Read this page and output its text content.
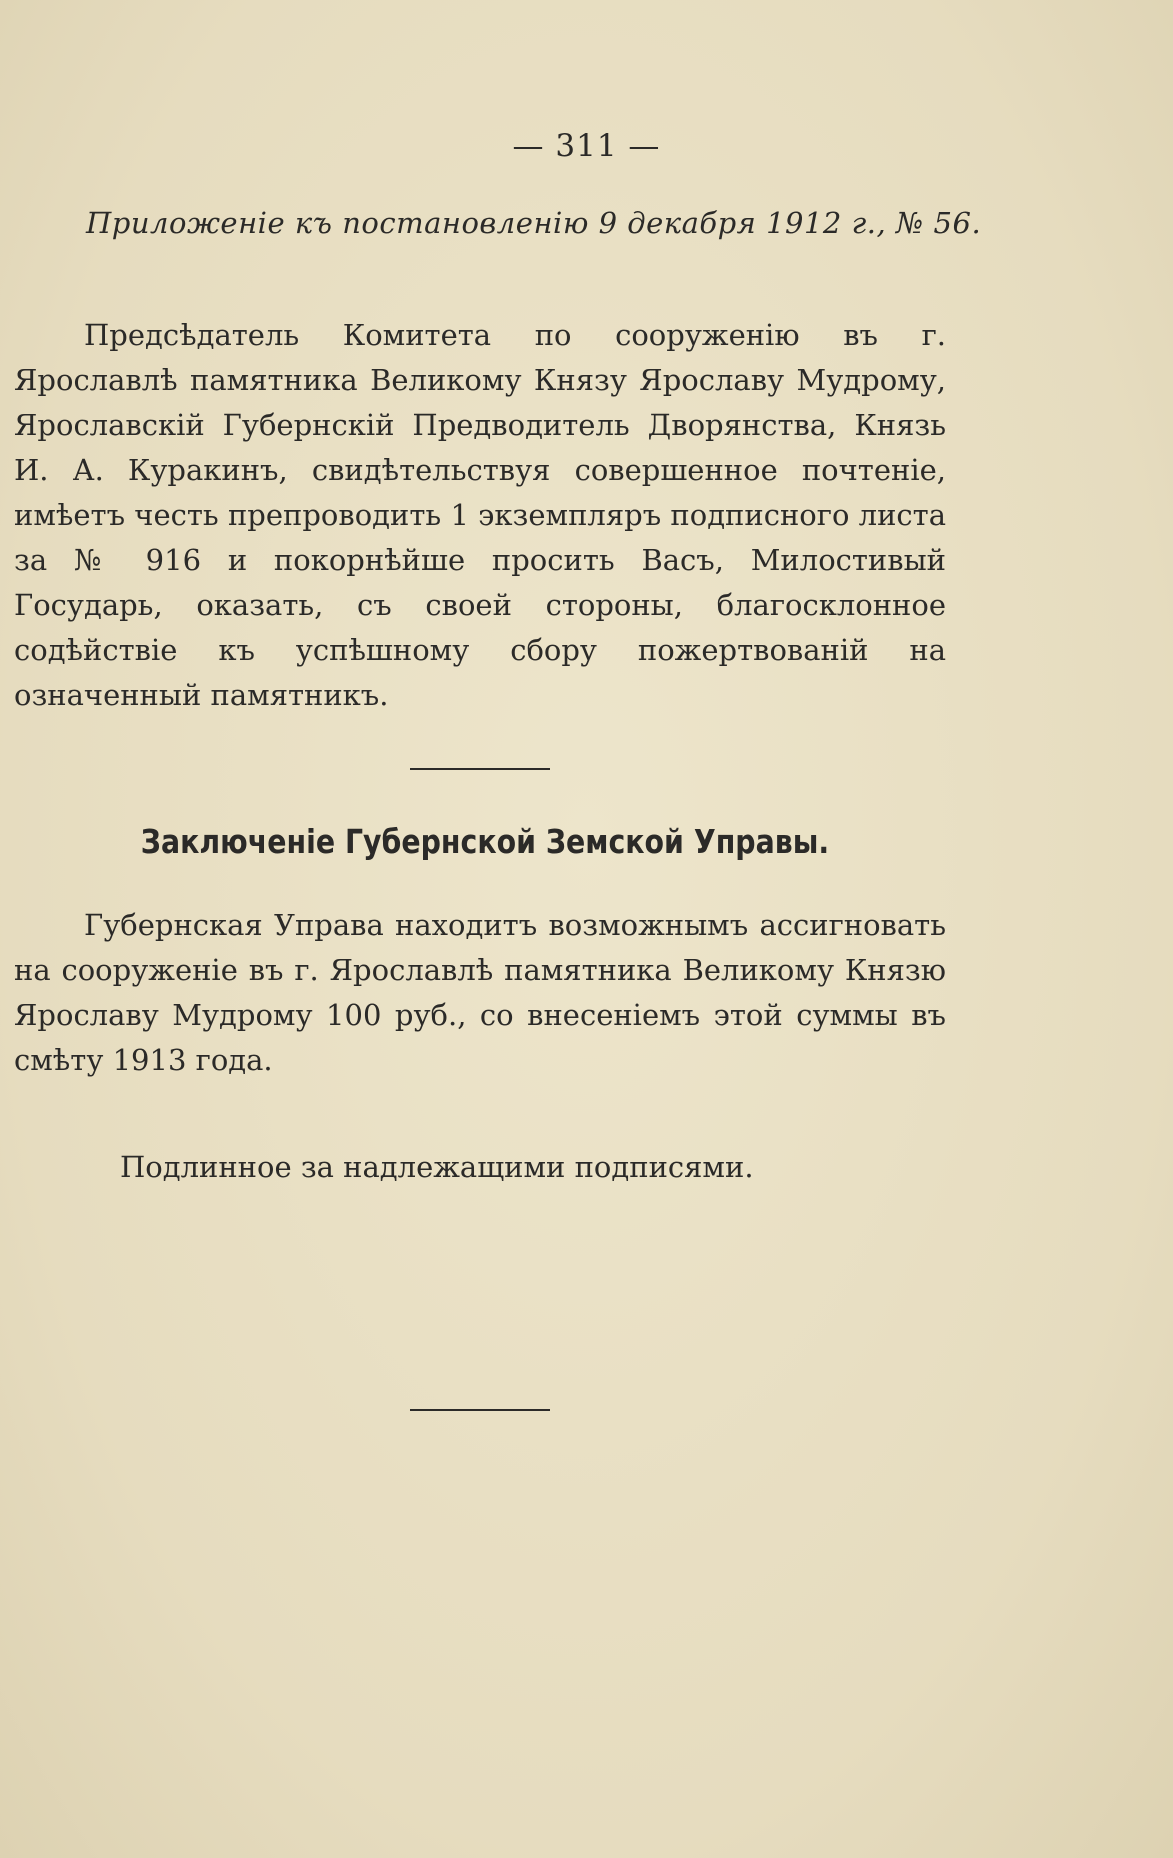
— 311 —
Приложеніе къ постановленію 9 декабря 1912 г., № 56.
Предсѣдатель Комитета по сооруженію въ г. Ярославлѣ памятника Великому Князу Ярославу Мудрому, Ярославскій Губернскій Предводитель Дворянства, Князь И. А. Куракинъ, свидѣтельствуя совершенное почтеніе, имѣетъ честь препроводить 1 экземпляръ подписного листа за № 916 и покорнѣйше просить Васъ, Милостивый Государь, оказать, съ своей стороны, благосклонное содѣйствіе къ успѣшному сбору пожертвованій на означенный памятникъ.
Заключеніе Губернской Земской Управы.
Губернская Управа находитъ возможнымъ ассигновать на сооруженіе въ г. Ярославлѣ памятника Великому Князю Ярославу Мудрому 100 руб., со внесеніемъ этой суммы въ смѣту 1913 года.
Подлинное за надлежащими подписями.
